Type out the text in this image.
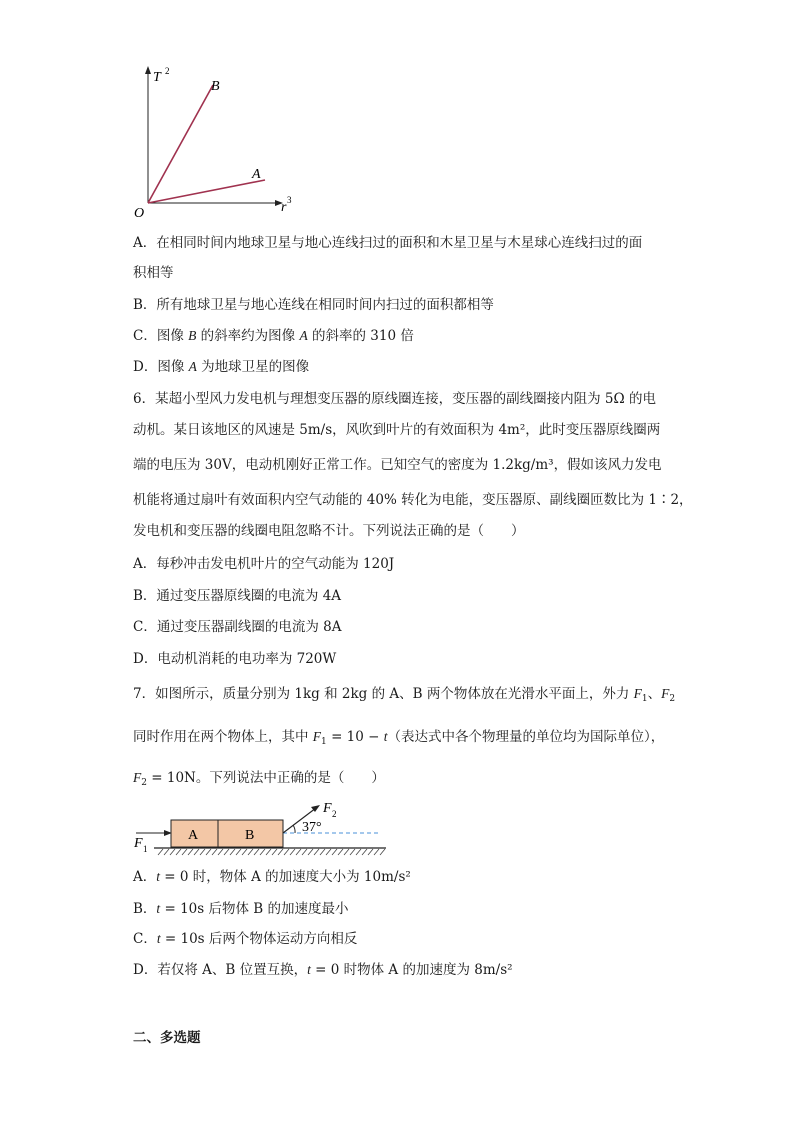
T 2
r 3
O
B
A
A．在相同时间内地球卫星与地心连线扫过的面积和木星卫星与木星球心连线扫过的面
积相等
B．所有地球卫星与地心连线在相同时间内扫过的面积都相等
C．图像 B 的斜率约为图像 A 的斜率的 310 倍
D．图像 A 为地球卫星的图像
6．某超小型风力发电机与理想变压器的原线圈连接，变压器的副线圈接内阻为 5Ω 的电
动机。某日该地区的风速是 5m/s，风吹到叶片的有效面积为 4m²，此时变压器原线圈两
端的电压为 30V，电动机刚好正常工作。已知空气的密度为 1.2kg/m³，假如该风力发电
机能将通过扇叶有效面积内空气动能的 40% 转化为电能，变压器原、副线圈匝数比为 1∶2，
发电机和变压器的线圈电阻忽略不计。下列说法正确的是（　　）
A．每秒冲击发电机叶片的空气动能为 120J
B．通过变压器原线圈的电流为 4A
C．通过变压器副线圈的电流为 8A
D．电动机消耗的电功率为 720W
7．如图所示，质量分别为 1kg 和 2kg 的 A、B 两个物体放在光滑水平面上，外力 $F_1$、$F_2$
同时作用在两个物体上，其中 $F_1 = 10 - t$（表达式中各个物理量的单位均为国际单位），
$F_2 = 10N$。下列说法中正确的是（　　）
F 1
A	B
F 2
37°
A．t = 0 时，物体 A 的加速度大小为 10m/s²
B．t = 10s 后物体 B 的加速度最小
C．t = 10s 后两个物体运动方向相反
D．若仅将 A、B 位置互换，t = 0 时物体 A 的加速度为 8m/s²
二、多选题
